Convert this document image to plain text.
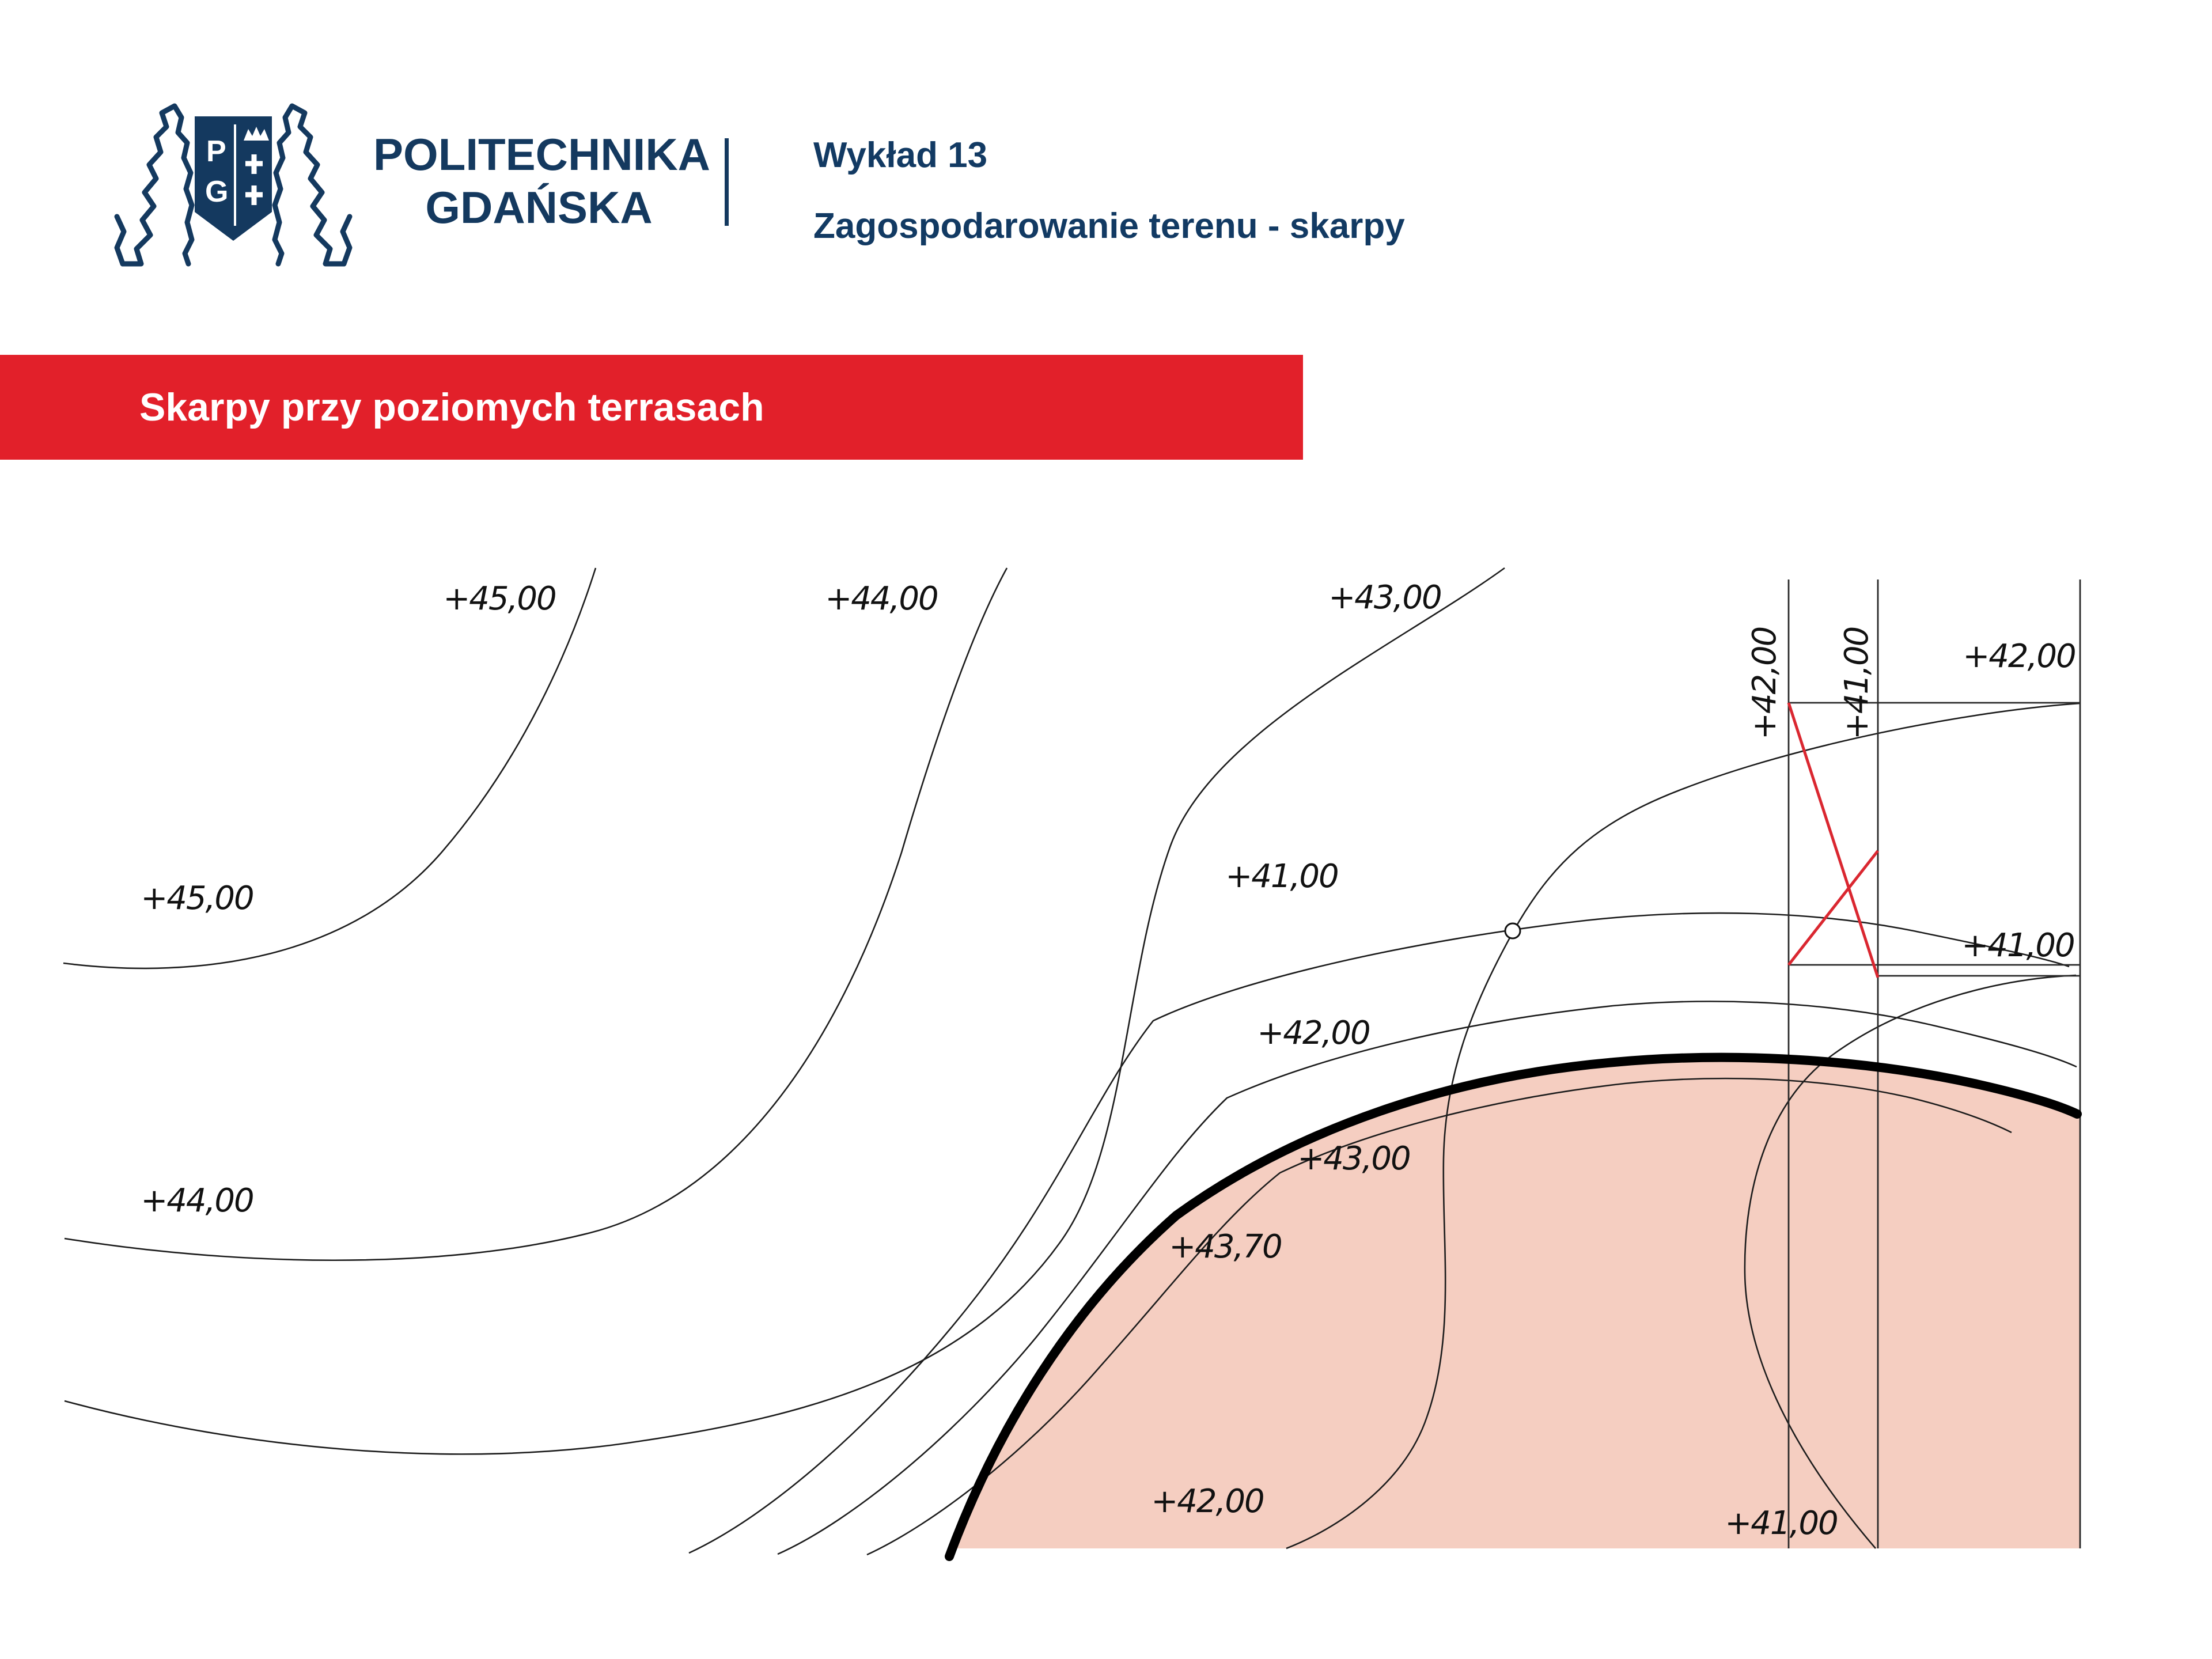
+45,00	+44,00	+43,00
+45,00
+44,00
+41,00
+42,00
+43,00
+43,70
+42,00
+41,00
+42,00
+41,00
+42,00 +41,00
P
G
POLITECHNIKA
GDAŃSKA

Wykład 13

Zagospodarowanie terenu - skarpy

Skarpy przy poziomych terrasach
